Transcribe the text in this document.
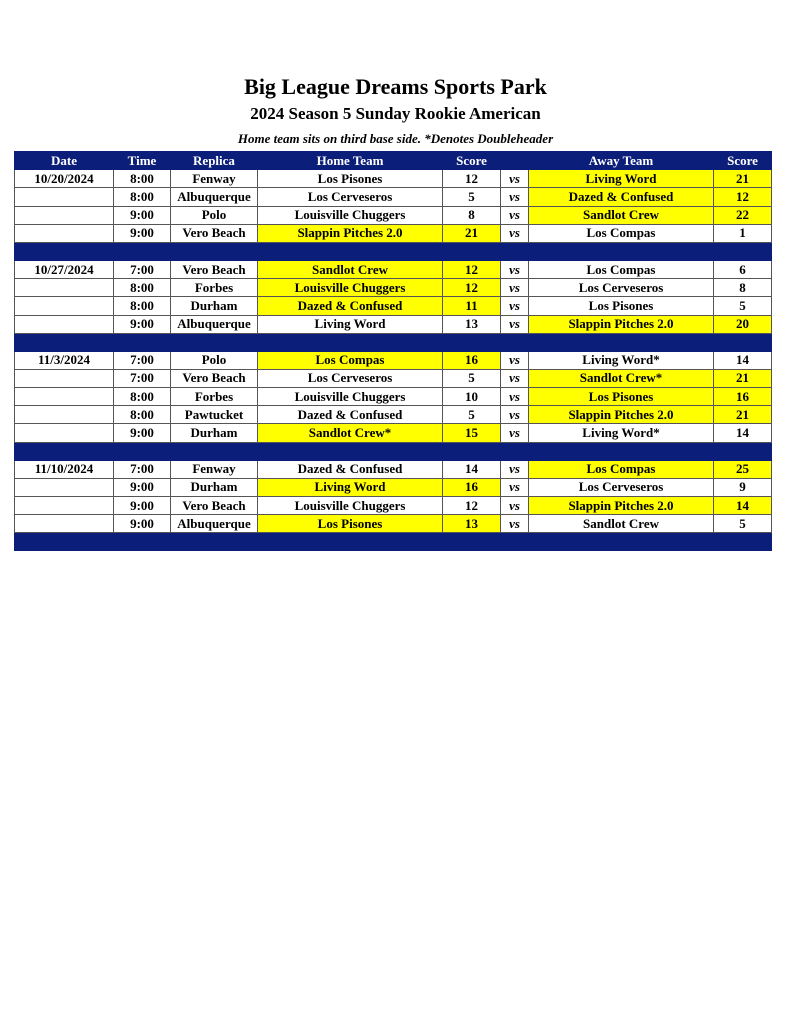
Big League Dreams Sports Park
2024 Season 5 Sunday Rookie American
Home team sits on third base side. *Denotes Doubleheader
Date	Time	Replica	Home Team	Score		Away Team	Score
10/20/2024	8:00	Fenway	Los Pisones	12	vs	Living Word	21
	8:00	Albuquerque	Los Cerveseros	5	vs	Dazed & Confused	12
	9:00	Polo	Louisville Chuggers	8	vs	Sandlot Crew	22
	9:00	Vero Beach	Slappin Pitches 2.0	21	vs	Los Compas	1

10/27/2024	7:00	Vero Beach	Sandlot Crew	12	vs	Los Compas	6
	8:00	Forbes	Louisville Chuggers	12	vs	Los Cerveseros	8
	8:00	Durham	Dazed & Confused	11	vs	Los Pisones	5
	9:00	Albuquerque	Living Word	13	vs	Slappin Pitches 2.0	20

11/3/2024	7:00	Polo	Los Compas	16	vs	Living Word*	14
	7:00	Vero Beach	Los Cerveseros	5	vs	Sandlot Crew*	21
	8:00	Forbes	Louisville Chuggers	10	vs	Los Pisones	16
	8:00	Pawtucket	Dazed & Confused	5	vs	Slappin Pitches 2.0	21
	9:00	Durham	Sandlot Crew*	15	vs	Living Word*	14

11/10/2024	7:00	Fenway	Dazed & Confused	14	vs	Los Compas	25
	9:00	Durham	Living Word	16	vs	Los Cerveseros	9
	9:00	Vero Beach	Louisville Chuggers	12	vs	Slappin Pitches 2.0	14
	9:00	Albuquerque	Los Pisones	13	vs	Sandlot Crew	5
